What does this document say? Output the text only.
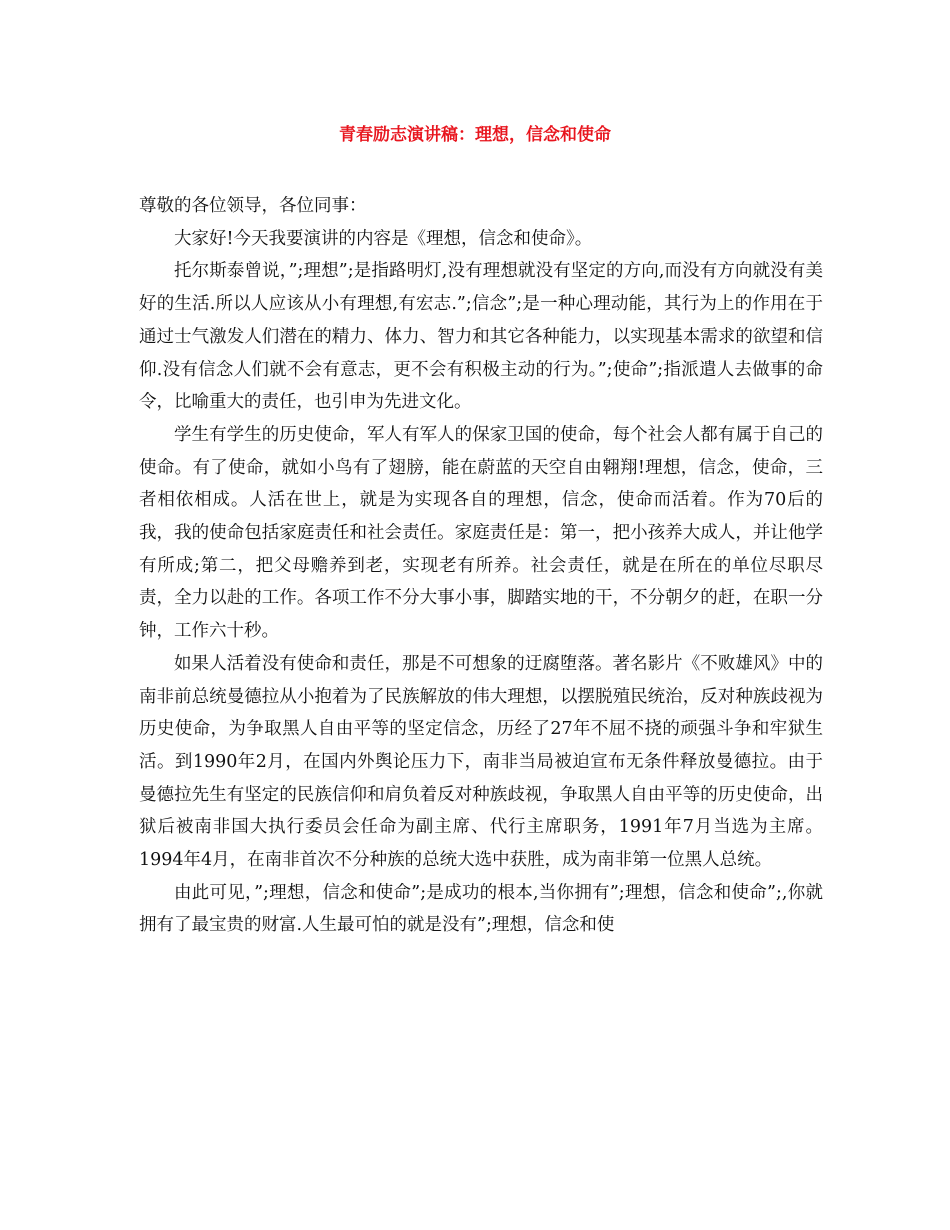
青春励志演讲稿：理想，信念和使命

尊敬的各位领导，各位同事：

大家好!今天我要演讲的内容是《理想，信念和使命》。

托尔斯泰曾说，”;理想”;是指路明灯,没有理想就没有坚定的方向,而没有方向就没有美好的生活.所以人应该从小有理想,有宏志.”;信念”;是一种心理动能，其行为上的作用在于通过士气激发人们潜在的精力、体力、智力和其它各种能力，以实现基本需求的欲望和信仰.没有信念人们就不会有意志，更不会有积极主动的行为。”;使命”;指派遣人去做事的命令，比喻重大的责任，也引申为先进文化。

学生有学生的历史使命，军人有军人的保家卫国的使命，每个社会人都有属于自己的使命。有了使命，就如小鸟有了翅膀，能在蔚蓝的天空自由翱翔!理想，信念，使命，三者相依相成。人活在世上，就是为实现各自的理想，信念，使命而活着。作为70后的我，我的使命包括家庭责任和社会责任。家庭责任是：第一，把小孩养大成人，并让他学有所成;第二，把父母赡养到老，实现老有所养。社会责任，就是在所在的单位尽职尽责，全力以赴的工作。各项工作不分大事小事，脚踏实地的干，不分朝夕的赶，在职一分钟，工作六十秒。

如果人活着没有使命和责任，那是不可想象的迂腐堕落。著名影片《不败雄风》中的南非前总统曼德拉从小抱着为了民族解放的伟大理想，以摆脱殖民统治，反对种族歧视为历史使命，为争取黑人自由平等的坚定信念，历经了27年不屈不挠的顽强斗争和牢狱生活。到1990年2月，在国内外舆论压力下，南非当局被迫宣布无条件释放曼德拉。由于曼德拉先生有坚定的民族信仰和肩负着反对种族歧视，争取黑人自由平等的历史使命，出狱后被南非国大执行委员会任命为副主席、代行主席职务，1991年7月当选为主席。1994年4月，在南非首次不分种族的总统大选中获胜，成为南非第一位黑人总统。

由此可见，”;理想，信念和使命”;是成功的根本,当你拥有”;理想，信念和使命”;,你就拥有了最宝贵的财富.人生最可怕的就是没有”;理想，信念和使
